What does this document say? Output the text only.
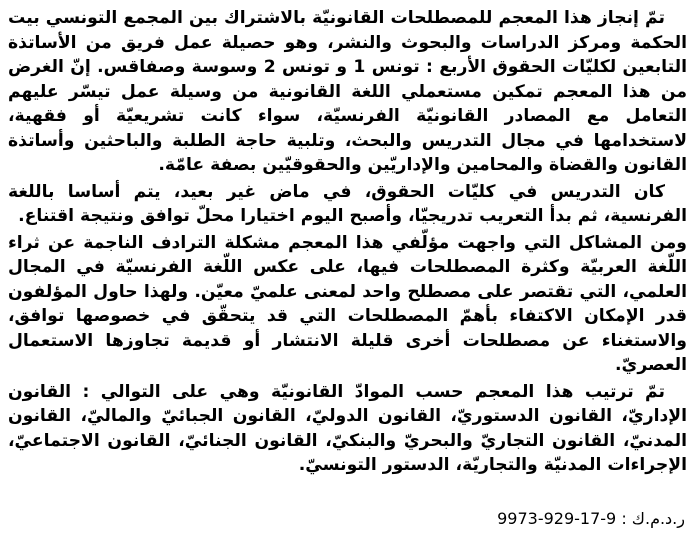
تمّ إنجاز هذا المعجم للمصطلحات القانونيّة بالاشتراك بين المجمع التونسي بيت الحكمة ومركز الدراسات والبحوث والنشر، وهو حصيلة عمل فريق من الأساتذة التابعين لكليّات الحقوق الأربع : تونس 1 و تونس 2 وسوسة وصفاقس. إنّ الغرض من هذا المعجم تمكين مستعملي اللغة القانونية من وسيلة عمل تيسّر عليهم التعامل مع المصادر القانونيّة الفرنسيّة، سواء كانت تشريعيّة أو فقهية، لاستخدامها في مجال التدريس والبحث، وتلبية حاجة الطلبة والباحثين وأساتذة القانون والقضاة والمحامين والإداريّين والحقوقيّين بصفة عامّة.

كان التدريس في كليّات الحقوق، في ماض غير بعيد، يتم أساسا باللغة الفرنسية، ثم بدأ التعريب تدريجيّا، وأصبح اليوم اختيارا محلّ توافق ونتيجة اقتناع.

ومن المشاكل التي واجهت مؤلّفي هذا المعجم مشكلة الترادف الناجمة عن ثراء اللّغة العربيّة وكثرة المصطلحات فيها، على عكس اللّغة الفرنسيّة في المجال العلمي، التي تقتصر على مصطلح واحد لمعنى علميّ معيّن. ولهذا حاول المؤلفون قدر الإمكان الاكتفاء بأهمّ المصطلحات التي قد يتحقّق في خصوصها توافق، والاستغناء عن مصطلحات أخرى قليلة الانتشار أو قديمة تجاوزها الاستعمال العصريّ.

تمّ ترتيب هذا المعجم حسب الموادّ القانونيّة وهي على التوالي : القانون الإداريّ، القانون الدستوريّ، القانون الدوليّ، القانون الجبائيّ والماليّ، القانون المدنيّ، القانون التجاريّ والبحريّ والبنكيّ، القانون الجنائيّ، القانون الاجتماعيّ، الإجراءات المدنيّة والتجاريّة، الدستور التونسيّ.

ر.د.م.ك : 9973-929-17-9
